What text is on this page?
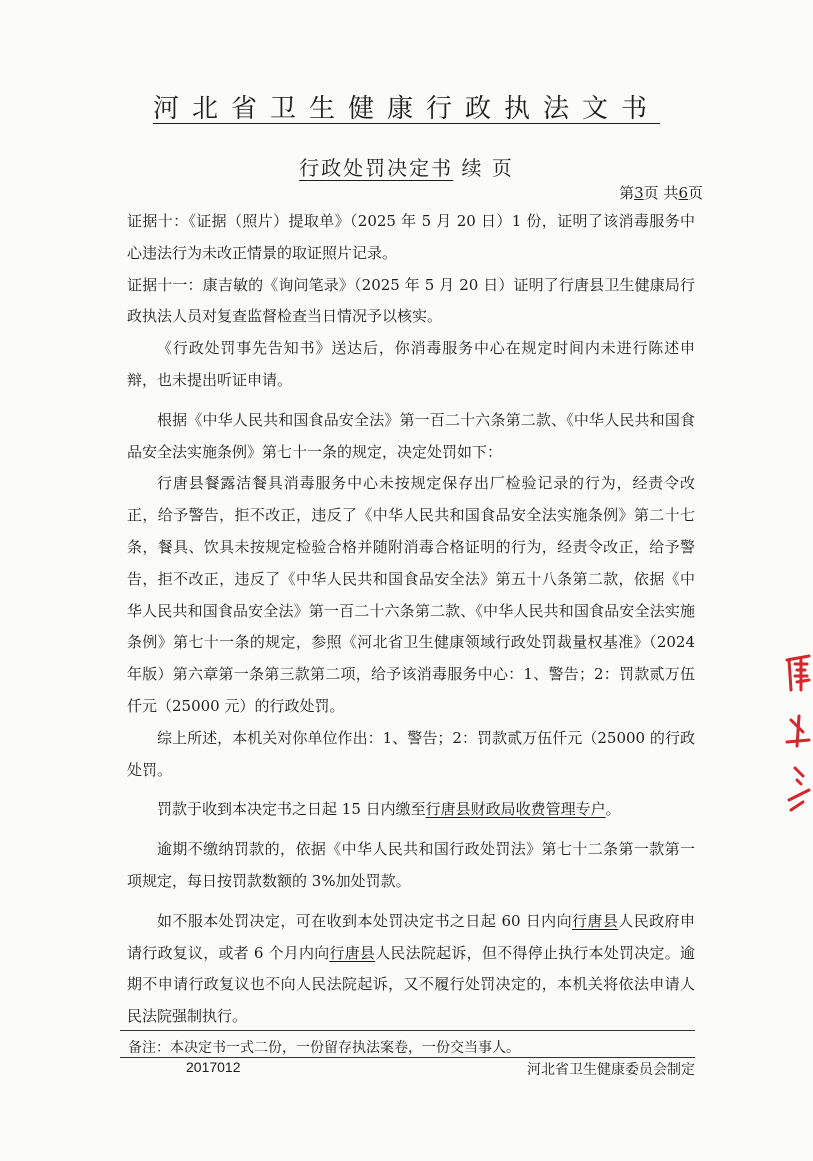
河北省卫生健康行政执法文书
行政处罚决定书 续 页
第3页 共6页

证据十：《证据（照片）提取单》（2025 年 5 月 20 日）1 份，证明了该消毒服务中心违法行为未改正情景的取证照片记录。

证据十一：康吉敏的《询问笔录》（2025 年 5 月 20 日）证明了行唐县卫生健康局行政执法人员对复查监督检查当日情况予以核实。

《行政处罚事先告知书》送达后，你消毒服务中心在规定时间内未进行陈述申辩，也未提出听证申请。

根据《中华人民共和国食品安全法》第一百二十六条第二款、《中华人民共和国食品安全法实施条例》第七十一条的规定，决定处罚如下：

行唐县餐露洁餐具消毒服务中心未按规定保存出厂检验记录的行为，经责令改正，给予警告，拒不改正，违反了《中华人民共和国食品安全法实施条例》第二十七条，餐具、饮具未按规定检验合格并随附消毒合格证明的行为，经责令改正，给予警告，拒不改正，违反了《中华人民共和国食品安全法》第五十八条第二款，依据《中华人民共和国食品安全法》第一百二十六条第二款、《中华人民共和国食品安全法实施条例》第七十一条的规定，参照《河北省卫生健康领域行政处罚裁量权基准》（2024 年版）第六章第一条第三款第二项，给予该消毒服务中心：1、警告；2：罚款贰万伍仟元（25000 元）的行政处罚。

综上所述，本机关对你单位作出：1、警告；2：罚款贰万伍仟元（25000 的行政处罚。

罚款于收到本决定书之日起 15 日内缴至行唐县财政局收费管理专户。

逾期不缴纳罚款的，依据《中华人民共和国行政处罚法》第七十二条第一款第一项规定，每日按罚款数额的 3%加处罚款。

如不服本处罚决定，可在收到本处罚决定书之日起 60 日内向行唐县人民政府申请行政复议，或者 6 个月内向行唐县人民法院起诉，但不得停止执行本处罚决定。逾期不申请行政复议也不向人民法院起诉，又不履行处罚决定的，本机关将依法申请人民法院强制执行。

备注：本决定书一式二份，一份留存执法案卷，一份交当事人。
2017012	河北省卫生健康委员会制定
